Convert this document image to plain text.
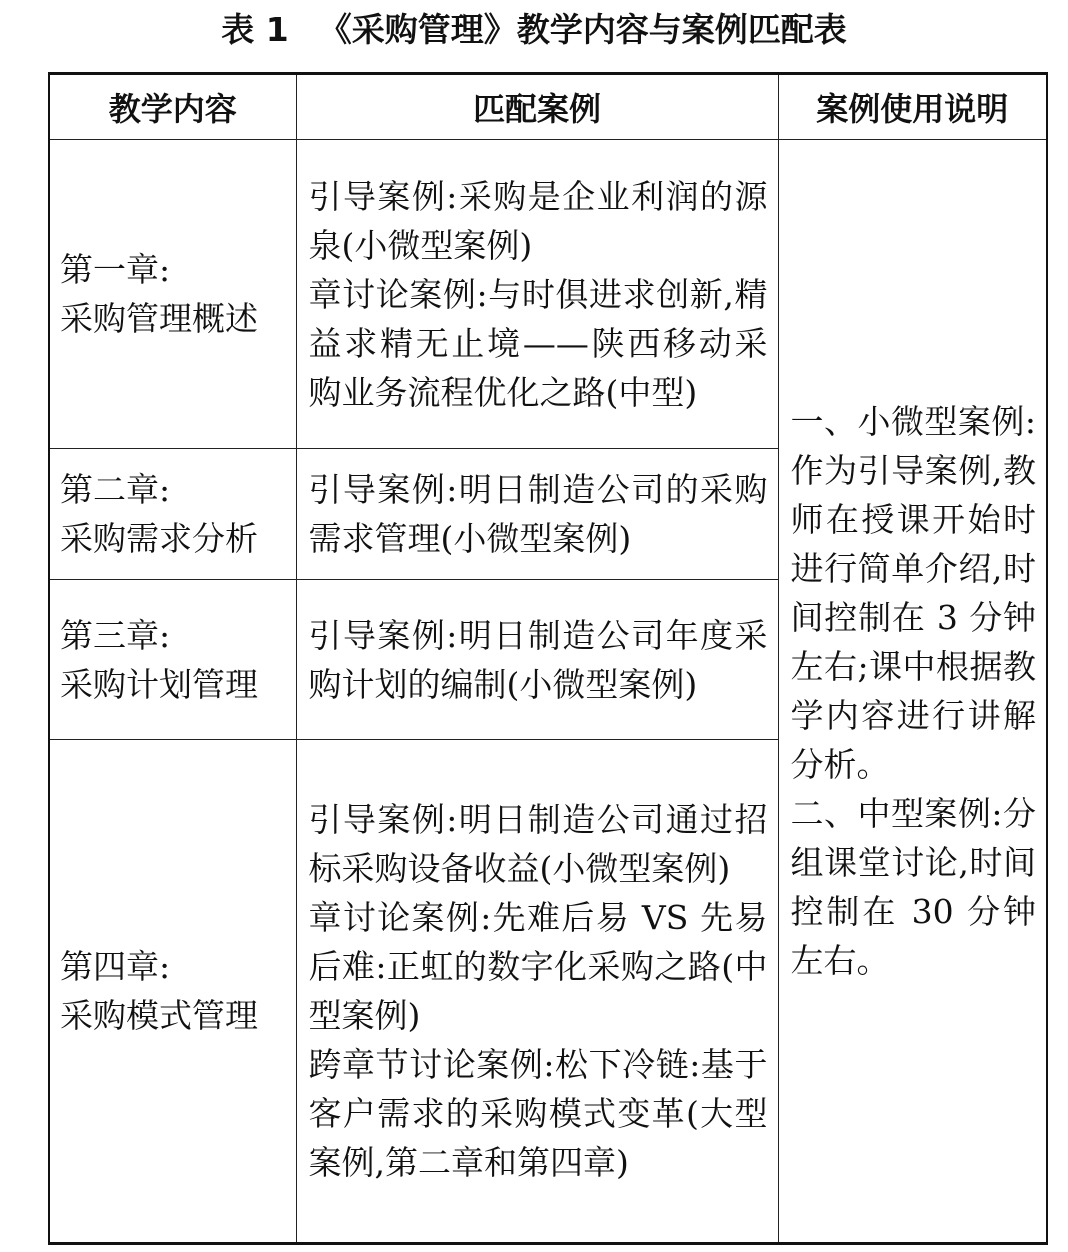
表 1 《采购管理》教学内容与案例匹配表
教学内容	匹配案例	案例使用说明

第一章:
采购管理概述	引导案例:采购是企业利润的源泉(小微型案例)
章讨论案例:与时俱进求创新,精益求精无止境——陕西移动采购业务流程优化之路(中型)	一、小微型案例:作为引导案例,教师在授课开始时进行简单介绍,时间控制在 3 分钟左右;课中根据教学内容进行讲解分析。
二、中型案例:分组课堂讨论,时间控制在 30 分钟左右。

第二章:
采购需求分析	引导案例:明日制造公司的采购需求管理(小微型案例)	

第三章:
采购计划管理	引导案例:明日制造公司年度采购计划的编制(小微型案例)	

第四章:
采购模式管理	引导案例:明日制造公司通过招标采购设备收益(小微型案例)
章讨论案例:先难后易 VS 先易后难:正虹的数字化采购之路(中型案例)
跨章节讨论案例:松下冷链:基于客户需求的采购模式变革(大型案例,第二章和第四章)	
